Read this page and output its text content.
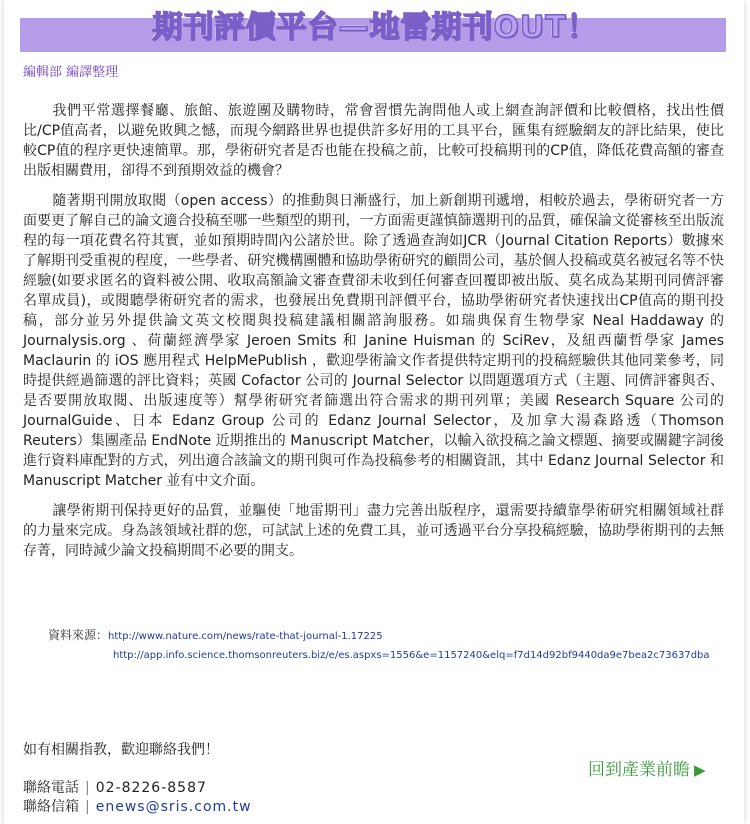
期刊評價平台—地雷期刊OUT！
編輯部 編譯整理

我們平常選擇餐廳、旅館、旅遊團及購物時，常會習慣先詢問他人或上網查詢評價和比較價格，找出性價比/CP值高者，以避免敗興之憾，而現今網路世界也提供許多好用的工具平台，匯集有經驗網友的評比結果，使比較CP值的程序更快速簡單。那，學術研究者是否也能在投稿之前，比較可投稿期刊的CP值，降低花費高額的審查出版相關費用，卻得不到預期效益的機會？

隨著期刊開放取閱（open access）的推動與日漸盛行，加上新創期刊遞增，相較於過去，學術研究者一方面要更了解自己的論文適合投稿至哪一些類型的期刊，一方面需更謹慎篩選期刊的品質，確保論文從審核至出版流程的每一項花費名符其實，並如預期時間內公諸於世。除了透過查詢如JCR（Journal Citation Reports）數據來了解期刊受重視的程度，一些學者、研究機構團體和協助學術研究的顧問公司，基於個人投稿或莫名被冠名等不快經驗(如要求匿名的資料被公開、收取高額論文審查費卻未收到任何審查回覆即被出版、莫名成為某期刊同儕評審名單成員)，或閱聽學術研究者的需求，也發展出免費期刊評價平台，協助學術研究者快速找出CP值高的期刊投稿，部分並另外提供論文英文校閱與投稿建議相關諮詢服務。如瑞典保育生物學家 Neal Haddaway 的 Journalysis.org 、荷蘭經濟學家 Jeroen Smits 和 Janine Huisman 的 SciRev，及紐西蘭哲學家 James Maclaurin 的 iOS 應用程式 HelpMePublish ，歡迎學術論文作者提供特定期刊的投稿經驗供其他同業參考，同時提供經過篩選的評比資料；英國 Cofactor 公司的 Journal Selector 以問題選項方式（主題、同儕評審與否、是否要開放取閱、出版速度等）幫學術研究者篩選出符合需求的期刊列單；美國 Research Square 公司的 JournalGuide、日本 Edanz Group 公司的 Edanz Journal Selector，及加拿大湯森路透（Thomson Reuters）集團產品 EndNote 近期推出的 Manuscript Matcher，以輸入欲投稿之論文標題、摘要或關鍵字詞後進行資料庫配對的方式，列出適合該論文的期刊與可作為投稿參考的相關資訊，其中 Edanz Journal Selector 和 Manuscript Matcher 並有中文介面。

讓學術期刊保持更好的品質，並驅使「地雷期刊」盡力完善出版程序，還需要持續靠學術研究相關領域社群的力量來完成。身為該領域社群的您，可試試上述的免費工具，並可透過平台分享投稿經驗，協助學術期刊的去無存菁，同時減少論文投稿期間不必要的開支。

資料來源：http://www.nature.com/news/rate-that-journal-1.17225
http://app.info.science.thomsonreuters.biz/e/es.aspxs=1556&e=1157240&elq=f7d14d92bf9440da9e7bea2c73637dba
如有相關指教，歡迎聯絡我們！
回到產業前瞻 ▶
聯絡電話 | 02-8226-8587
聯絡信箱 | enews@sris.com.tw
